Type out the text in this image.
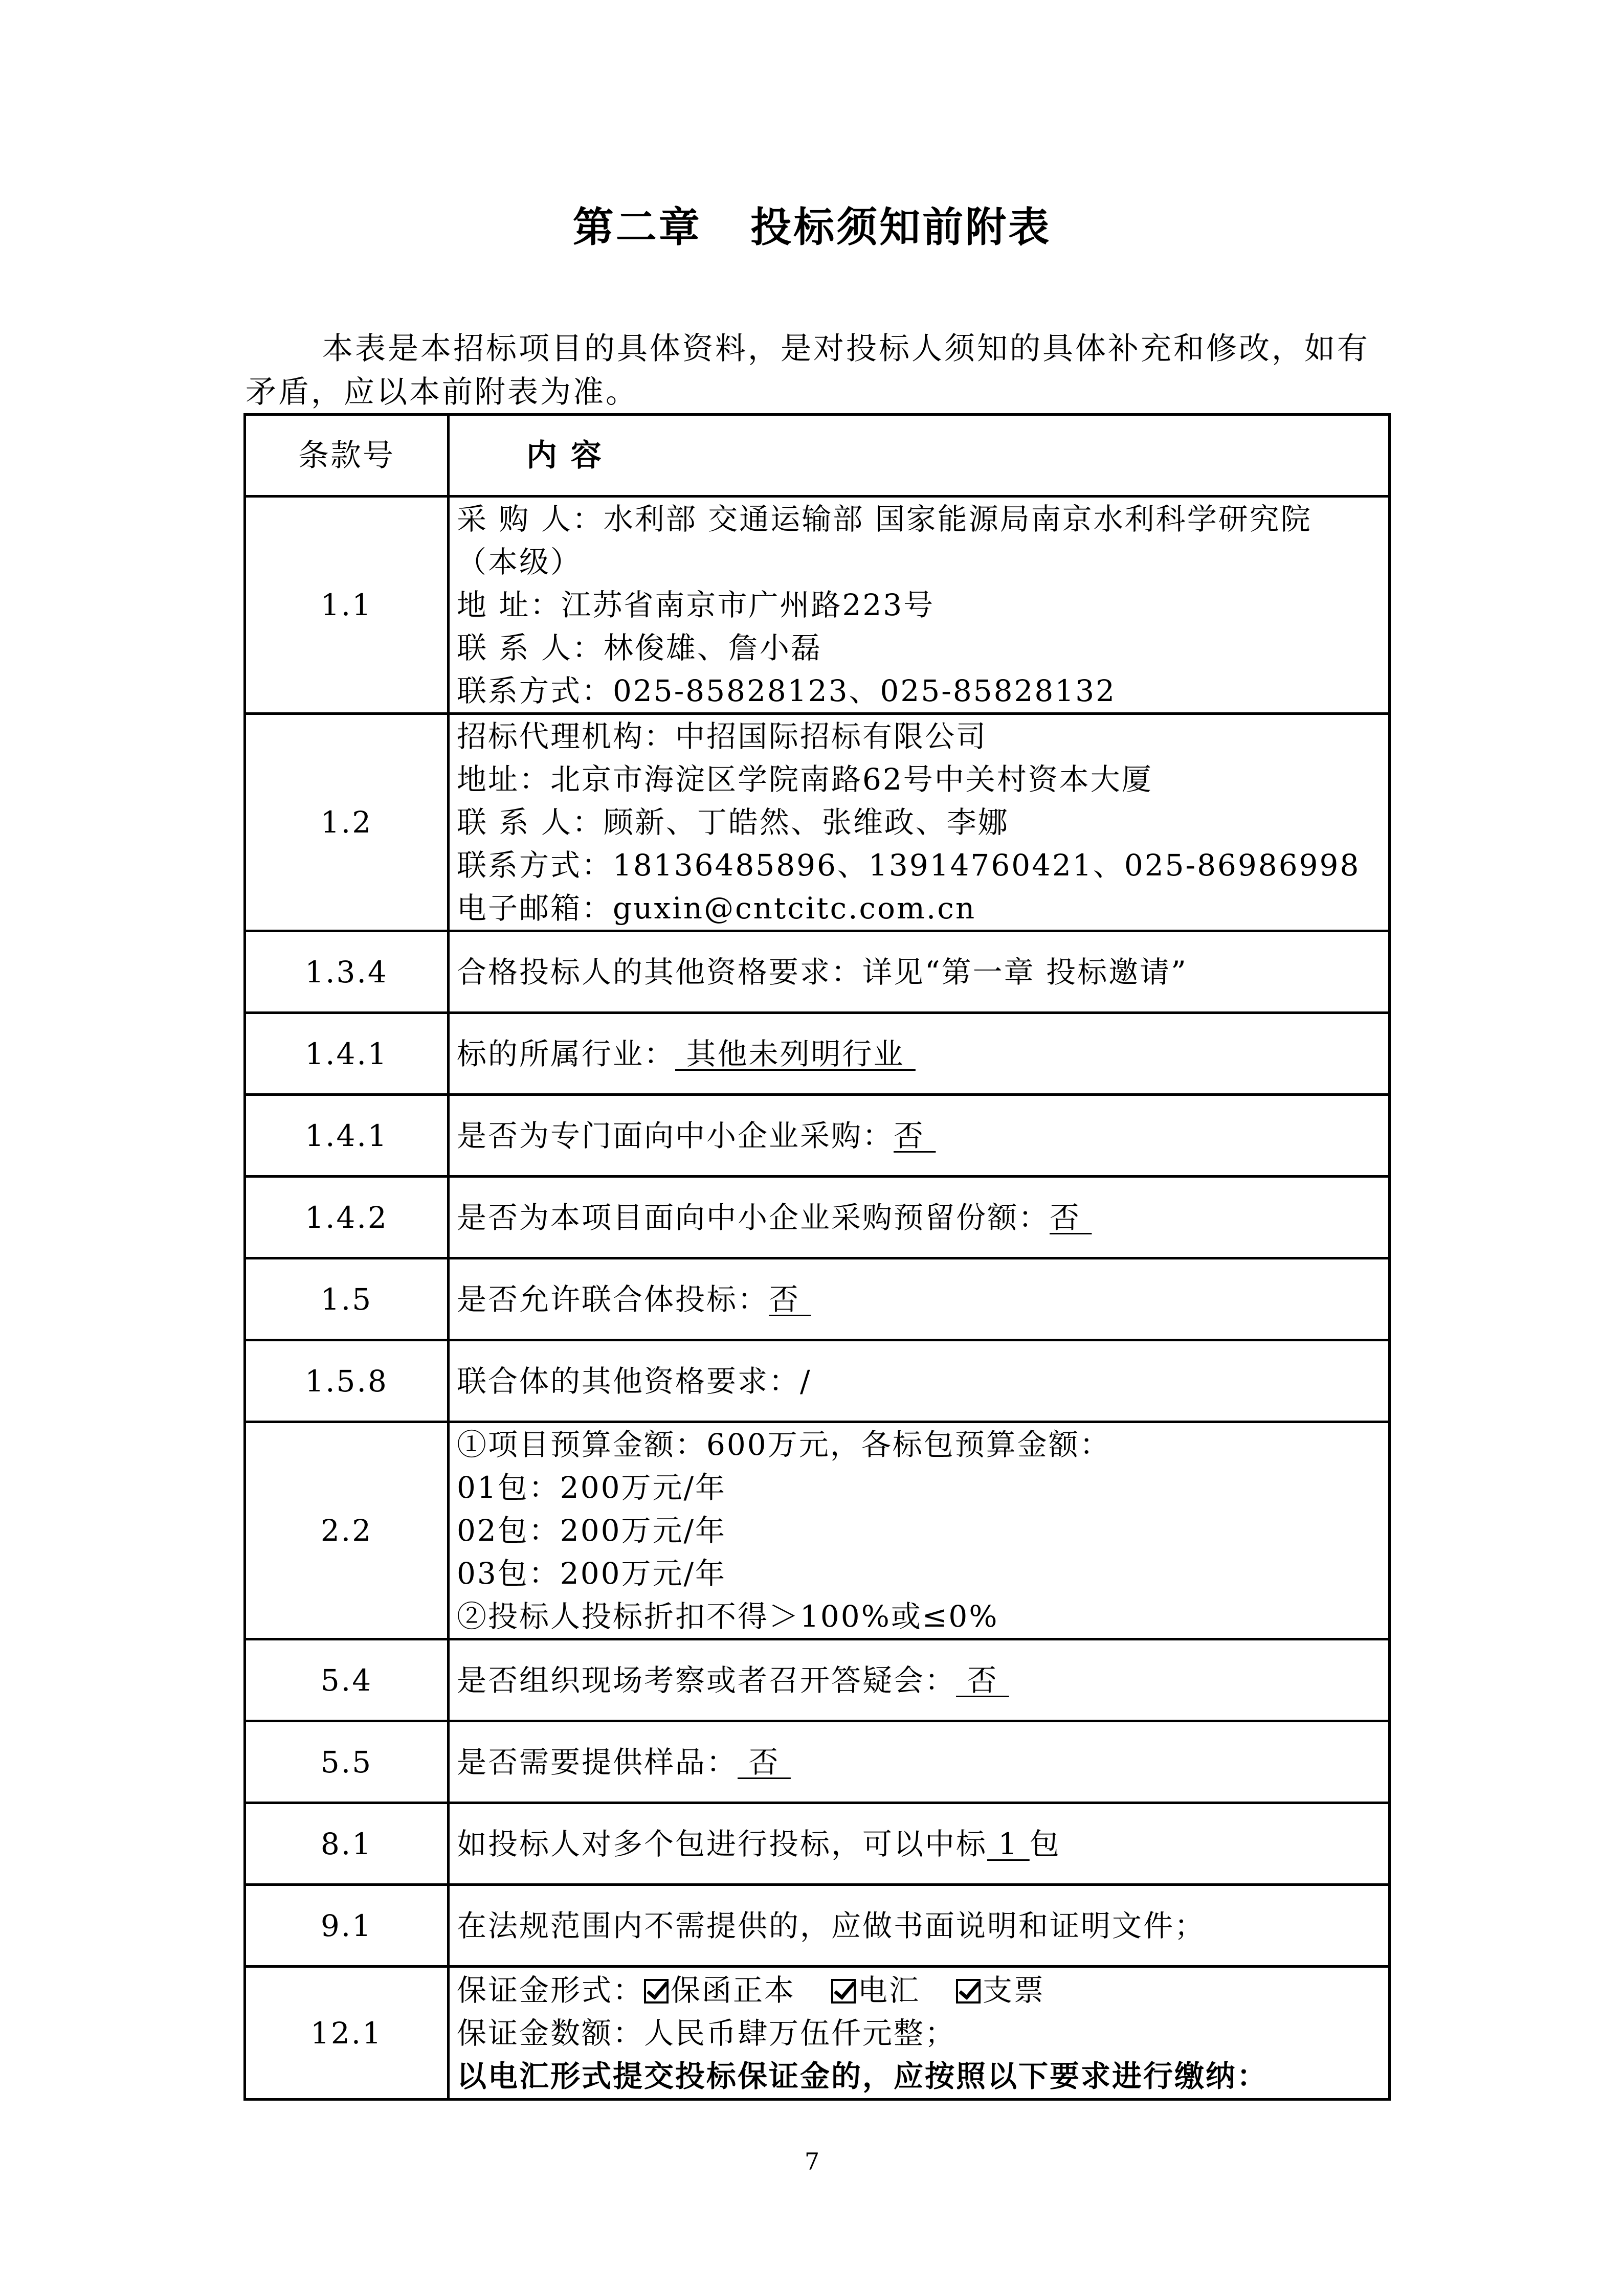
第二章   投标须知前附表

本表是本招标项目的具体资料，是对投标人须知的具体补充和修改，如有矛盾，应以本前附表为准。

条款号	内 容
1.1	采 购 人：水利部 交通运输部 国家能源局南京水利科学研究院
（本级）
地 址：江苏省南京市广州路223号
联 系 人：林俊雄、詹小磊
联系方式：025-85828123、025-85828132

1.2	招标代理机构：中招国际招标有限公司
地址：北京市海淀区学院南路62号中关村资本大厦
联 系 人：顾新、丁皓然、张维政、李娜
联系方式：18136485896、13914760421、025-86986998
电子邮箱：guxin@cntcitc.com.cn

1.3.4	合格投标人的其他资格要求：详见“第一章 投标邀请”
1.4.1	标的所属行业： 其他未列明行业
1.4.1	是否为专门面向中小企业采购：否
1.4.2	是否为本项目面向中小企业采购预留份额：否
1.5	是否允许联合体投标：否
1.5.8	联合体的其他资格要求：/
2.2	①项目预算金额：600万元，各标包预算金额：
01包：200万元/年
02包：200万元/年
03包：200万元/年
②投标人投标折扣不得＞100%或≤0%

5.4	是否组织现场考察或者召开答疑会： 否
5.5	是否需要提供样品： 否
8.1	如投标人对多个包进行投标，可以中标 1 包
9.1	在法规范围内不需提供的，应做书面说明和证明文件；
12.1	保证金形式： 保函正本 电汇 支票
保证金数额：人民币肆万伍仟元整；
以电汇形式提交投标保证金的，应按照以下要求进行缴纳：
7
